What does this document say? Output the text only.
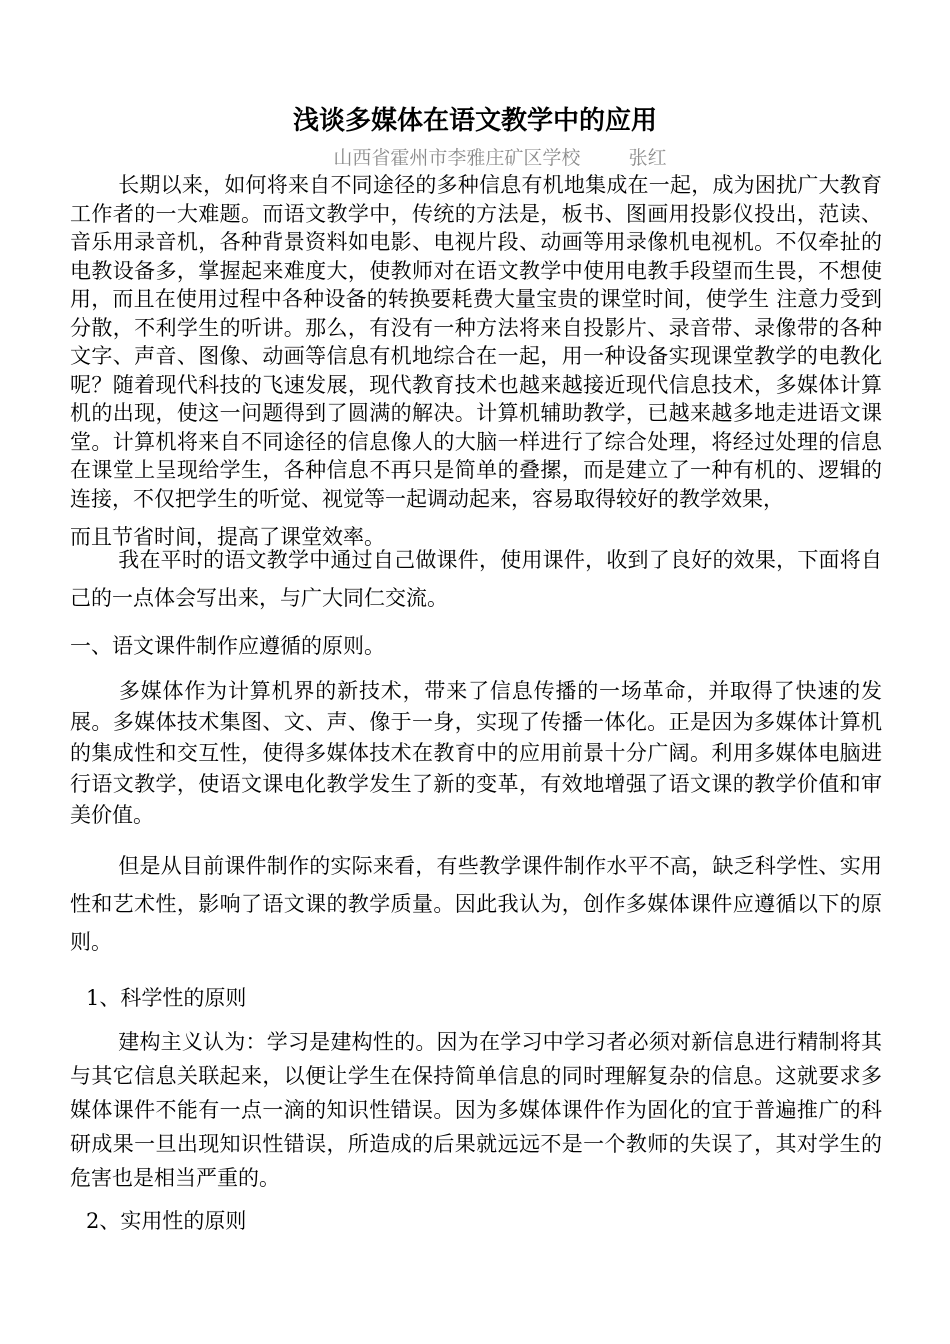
浅谈多媒体在语文教学中的应用
山西省霍州市李雅庄矿区学校        张红

长期以来，如何将来自不同途径的多种信息有机地集成在一起，成为困扰广大教育工作者的一大难题。而语文教学中，传统的方法是，板书、图画用投影仪投出，范读、音乐用录音机，各种背景资料如电影、电视片段、动画等用录像机电视机。不仅牵扯的电教设备多，掌握起来难度大，使教师对在语文教学中使用电教手段望而生畏，不想使用，而且在使用过程中各种设备的转换要耗费大量宝贵的课堂时间，使学生 注意力受到分散，不利学生的听讲。那么，有没有一种方法将来自投影片、录音带、录像带的各种文字、声音、图像、动画等信息有机地综合在一起，用一种设备实现课堂教学的电教化呢？随着现代科技的飞速发展，现代教育技术也越来越接近现代信息技术，多媒体计算机的出现，使这一问题得到了圆满的解决。计算机辅助教学，已越来越多地走进语文课堂。计算机将来自不同途径的信息像人的大脑一样进行了综合处理，将经过处理的信息在课堂上呈现给学生，各种信息不再只是简单的叠摞，而是建立了一种有机的、逻辑的连接，不仅把学生的听觉、视觉等一起调动起来，容易取得较好的教学效果，
而且节省时间，提高了课堂效率。

我在平时的语文教学中通过自己做课件，使用课件，收到了良好的效果，下面将自己的一点体会写出来，与广大同仁交流。

一、语文课件制作应遵循的原则。

多媒体作为计算机界的新技术，带来了信息传播的一场革命，并取得了快速的发展。多媒体技术集图、文、声、像于一身，实现了传播一体化。正是因为多媒体计算机的集成性和交互性，使得多媒体技术在教育中的应用前景十分广阔。利用多媒体电脑进行语文教学，使语文课电化教学发生了新的变革，有效地增强了语文课的教学价值和审美价值。

但是从目前课件制作的实际来看，有些教学课件制作水平不高，缺乏科学性、实用性和艺术性，影响了语文课的教学质量。因此我认为，创作多媒体课件应遵循以下的原则。

1、科学性的原则

建构主义认为：学习是建构性的。因为在学习中学习者必须对新信息进行精制将其与其它信息关联起来，以便让学生在保持简单信息的同时理解复杂的信息。这就要求多媒体课件不能有一点一滴的知识性错误。因为多媒体课件作为固化的宜于普遍推广的科研成果一旦出现知识性错误，所造成的后果就远远不是一个教师的失误了，其对学生的危害也是相当严重的。

2、实用性的原则
